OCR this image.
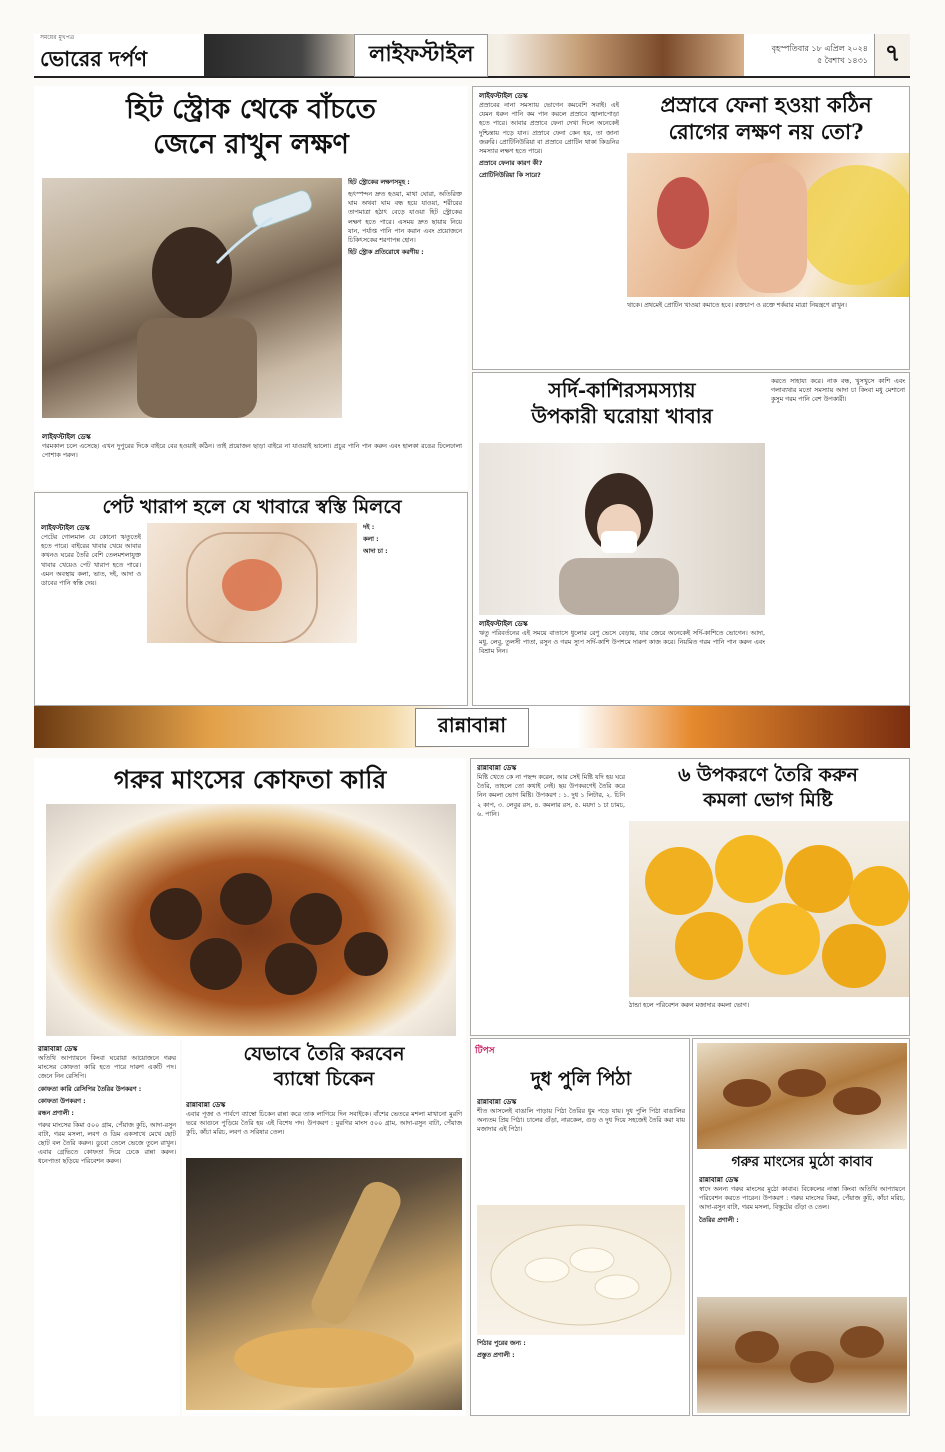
সময়ের মুখপত্র
ভোরের দর্পণ	লাইফস্টাইল	বৃহস্পতিবার ১৮ এপ্রিল ২০২৪
৫ বৈশাখ ১৪৩১ ৭
হিট স্ট্রোক থেকে বাঁচতে
জেনে রাখুন লক্ষণ

হিট স্ট্রোকের লক্ষণসমূহ :

হৃৎস্পন্দন দ্রুত হওয়া, মাথা ঘোরা, অতিরিক্ত ঘাম অথবা ঘাম বন্ধ হয়ে যাওয়া, শরীরের তাপমাত্রা হঠাৎ বেড়ে যাওয়া হিট স্ট্রোকের লক্ষণ হতে পারে। এসময় দ্রুত ছায়ায় নিয়ে যান, পর্যাপ্ত পানি পান করান এবং প্রয়োজনে চিকিৎসকের শরণাপন্ন হোন।

হিট স্ট্রোক প্রতিরোধে করণীয় :

লাইফস্টাইল ডেস্ক

গরমকাল চলে এসেছে। এখন দুপুরের দিকে বাইরে বের হওয়াই কঠিন। তাই প্রয়োজন ছাড়া বাইরে না যাওয়াই ভালো। প্রচুর পানি পান করুন এবং হালকা রঙের ঢিলেঢালা পোশাক পরুন।

লাইফস্টাইল ডেস্ক

প্রস্রাবের নানা সমস্যায় ভোগেন কমবেশি সবাই। এই যেমন ধরুন পানি কম পান করলে প্রস্রাবে জ্বালাপোড়া হতে পারে। আবার প্রস্রাবে ফেনা দেখা দিলে অনেকেই দুশ্চিন্তায় পড়ে যান। প্রস্রাবে ফেনা কেন হয়, তা জানা জরুরি। প্রোটিনিউরিয়া বা প্রস্রাবে প্রোটিন থাকা কিডনির সমস্যার লক্ষণ হতে পারে।

প্রস্রাবে ফেনার কারণ কী?

প্রোটিনিউরিয়া কি সারে?

প্রস্রাবে ফেনা হওয়া কঠিন
রোগের লক্ষণ নয় তো?

থাকে। প্রথমেই প্রোটিন খাওয়া কমাতে হবে। রক্তচাপ ও রক্তে শর্করার মাত্রা নিয়ন্ত্রণে রাখুন।

সর্দি-কাশিরসমস্যায়
উপকারী ঘরোয়া খাবার
লাইফস্টাইল ডেস্ক

ঋতু পরিবর্তনের এই সময়ে বাতাসে ধুলোর রেণু ভেসে বেড়ায়, যার জেরে অনেকেই সর্দি-কাশিতে ভোগেন। আদা, মধু, লেবু, তুলসী পাতা, রসুন ও গরম স্যুপ সর্দি-কাশি উপশমে দারুণ কাজ করে। নিয়মিত গরম পানি পান করুন এবং বিশ্রাম নিন।

করতে সাহায্য করে। নাক বন্ধ, খুসখুসে কাশি এবং গলাব্যথার মতো সমস্যায় আদা চা কিংবা মধু মেশানো কুসুম গরম পানি বেশ উপকারী।

পেট খারাপ হলে যে খাবারে স্বস্তি মিলবে
লাইফস্টাইল ডেস্ক

পেটের গোলমাল যে কোনো ঋতুতেই হতে পারে। বাইরের খাবার খেয়ে আবার কখনও ঘরের তৈরি বেশি তেলমশলাযুক্ত খাবার খেয়েও পেট খারাপ হতে পারে। এমন অবস্থায় কলা, ভাত, দই, আদা ও ডাবের পানি স্বস্তি দেয়।

দই :

কলা :

আদা চা :

রান্নাবান্না
গরুর মাংসের কোফতা কারি
রান্নাবান্না ডেস্ক

অতিথি আপ্যায়নে কিংবা ঘরোয়া আয়োজনে গরুর মাংসের কোফতা কারি হতে পারে দারুণ একটি পদ। জেনে নিন রেসিপি।

কোফতা কারি রেসিপির তৈরির উপকরণ :

কোফতা উপকরণ :

রন্ধন প্রণালী :

গরুর মাংসের কিমা ৫০০ গ্রাম, পেঁয়াজ কুচি, আদা-রসুন বাটা, গরম মসলা, লবণ ও ডিম একসাথে মেখে ছোট ছোট বল তৈরি করুন। ডুবো তেলে ভেজে তুলে রাখুন। এবার গ্রেভিতে কোফতা দিয়ে ঢেকে রান্না করুন। ধনেপাতা ছড়িয়ে পরিবেশন করুন।

রান্নাবান্না ডেস্ক

মিষ্টি খেতে কে না পছন্দ করেন, আর সেই মিষ্টি যদি হয় ঘরে তৈরি, তাহলে তো কথাই নেই। ছয় উপকরণেই তৈরি করে নিন কমলা ভোগ মিষ্টি। উপকরণ : ১. দুধ ১ লিটার, ২. চিনি ২ কাপ, ৩. লেবুর রস, ৪. কমলার রস, ৫. ময়দা ১ চা চামচ, ৬. পানি।

৬ উপকরণে তৈরি করুন
কমলা ভোগ মিষ্টি
ঠান্ডা হলে পরিবেশন করুন মজাদার কমলা ভোগ।
যেভাবে তৈরি করবেন
ব্যাম্বো চিকেন
রান্নাবান্না ডেস্ক

এবার পূজা ও পার্বণে ব্যাম্বো চিকেন রান্না করে তাক লাগিয়ে দিন সবাইকে। বাঁশের ভেতরে মশলা মাখানো মুরগি ভরে আগুনে পুড়িয়ে তৈরি হয় এই বিশেষ পদ। উপকরণ : মুরগির মাংস ৫০০ গ্রাম, আদা-রসুন বাটা, পেঁয়াজ কুচি, কাঁচা মরিচ, লবণ ও সরিষার তেল।

টিপস
দুধ পুলি পিঠা
রান্নাবান্না ডেস্ক

শীত আসলেই বাঙালি পাড়ায় পিঠা তৈরির ধুম পড়ে যায়। দুধ পুলি পিঠা বাঙালির অন্যতম প্রিয় পিঠা। চালের গুঁড়া, নারকেল, গুড় ও দুধ দিয়ে সহজেই তৈরি করা যায় মজাদার এই পিঠা।

পিঠার পুরের জন্য :

প্রস্তুত প্রণালী :

গরুর মাংসের মুঠো কাবাব
রান্নাবান্না ডেস্ক

স্বাদে অনন্য গরুর মাংসের মুঠো কাবাব। বিকেলের নাস্তা কিংবা অতিথি আপ্যায়নে পরিবেশন করতে পারেন। উপকরণ : গরুর মাংসের কিমা, পেঁয়াজ কুচি, কাঁচা মরিচ, আদা-রসুন বাটা, গরম মসলা, বিস্কুটের গুঁড়া ও তেল।

তৈরির প্রণালী :
